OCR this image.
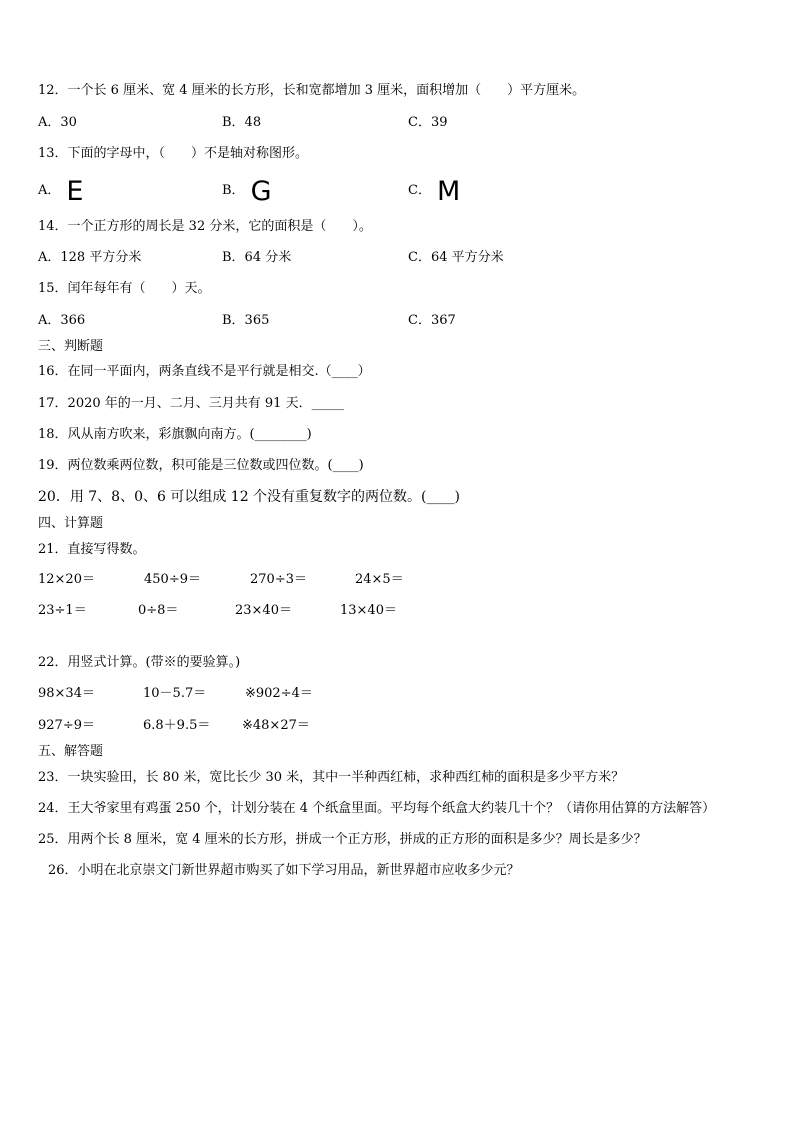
12．一个长 6 厘米、宽 4 厘米的长方形，长和宽都增加 3 厘米，面积增加（　　）平方厘米。
A．30	B．48	C．39
13．下面的字母中，（　　）不是轴对称图形。
A． E	B． G	C． M
14．一个正方形的周长是 32 分米，它的面积是（　　）。
A．128 平方分米	B．64 分米	C．64 平方分米
15．闰年每年有（　　）天。
A．366	B．365	C．367
三、判断题
16．在同一平面内，两条直线不是平行就是相交.（____）
17．2020 年的一月、二月、三月共有 91 天．_____
18．风从南方吹来，彩旗飘向南方。(________)
19．两位数乘两位数，积可能是三位数或四位数。(____)
20．用 7、8、0、6 可以组成 12 个没有重复数字的两位数。(____)
四、计算题
21．直接写得数。
12×20＝	450÷9＝	270÷3＝	24×5＝
23÷1＝	0÷8＝	23×40＝	13×40＝
22．用竖式计算。(带※的要验算。)
98×34＝	10－5.7＝	※902÷4＝
927÷9＝	6.8＋9.5＝ ※48×27＝
五、解答题
23．一块实验田，长 80 米，宽比长少 30 米，其中一半种西红柿，求种西红柿的面积是多少平方米？
24．王大爷家里有鸡蛋 250 个，计划分装在 4 个纸盒里面。平均每个纸盒大约装几十个？（请你用估算的方法解答）
25．用两个长 8 厘米，宽 4 厘米的长方形，拼成一个正方形，拼成的正方形的面积是多少？周长是多少？
26．小明在北京崇文门新世界超市购买了如下学习用品，新世界超市应收多少元？
